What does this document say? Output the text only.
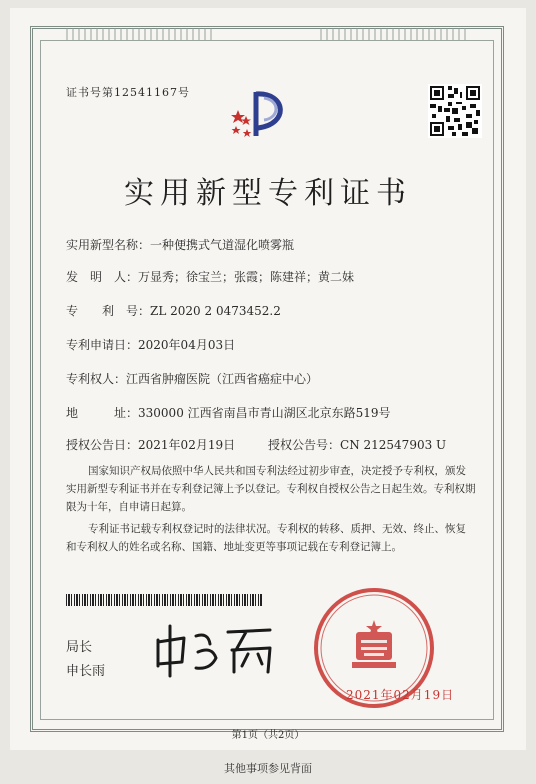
证书号第12541167号
实用新型专利证书
实用新型名称：一种便携式气道湿化喷雾瓶
发　明　人：万显秀；徐宝兰；张霞；陈建祥；黄二妹
专　　利　号：ZL 2020 2 0473452.2
专利申请日：2020年04月03日
专利权人：江西省肿瘤医院（江西省癌症中心）
地　　　址：330000 江西省南昌市青山湖区北京东路519号
授权公告日：2021年02月19日	授权公告号：CN 212547903 U
国家知识产权局依照中华人民共和国专利法经过初步审查，决定授予专利权，颁发实用新型专利证书并在专利登记簿上予以登记。专利权自授权公告之日起生效。专利权期限为十年，自申请日起算。
专利证书记载专利权登记时的法律状况。专利权的转移、质押、无效、终止、恢复和专利权人的姓名或名称、国籍、地址变更等事项记载在专利登记簿上。
局长
申长雨
2021年02月19日
第1页（共2页）
其他事项参见背面
